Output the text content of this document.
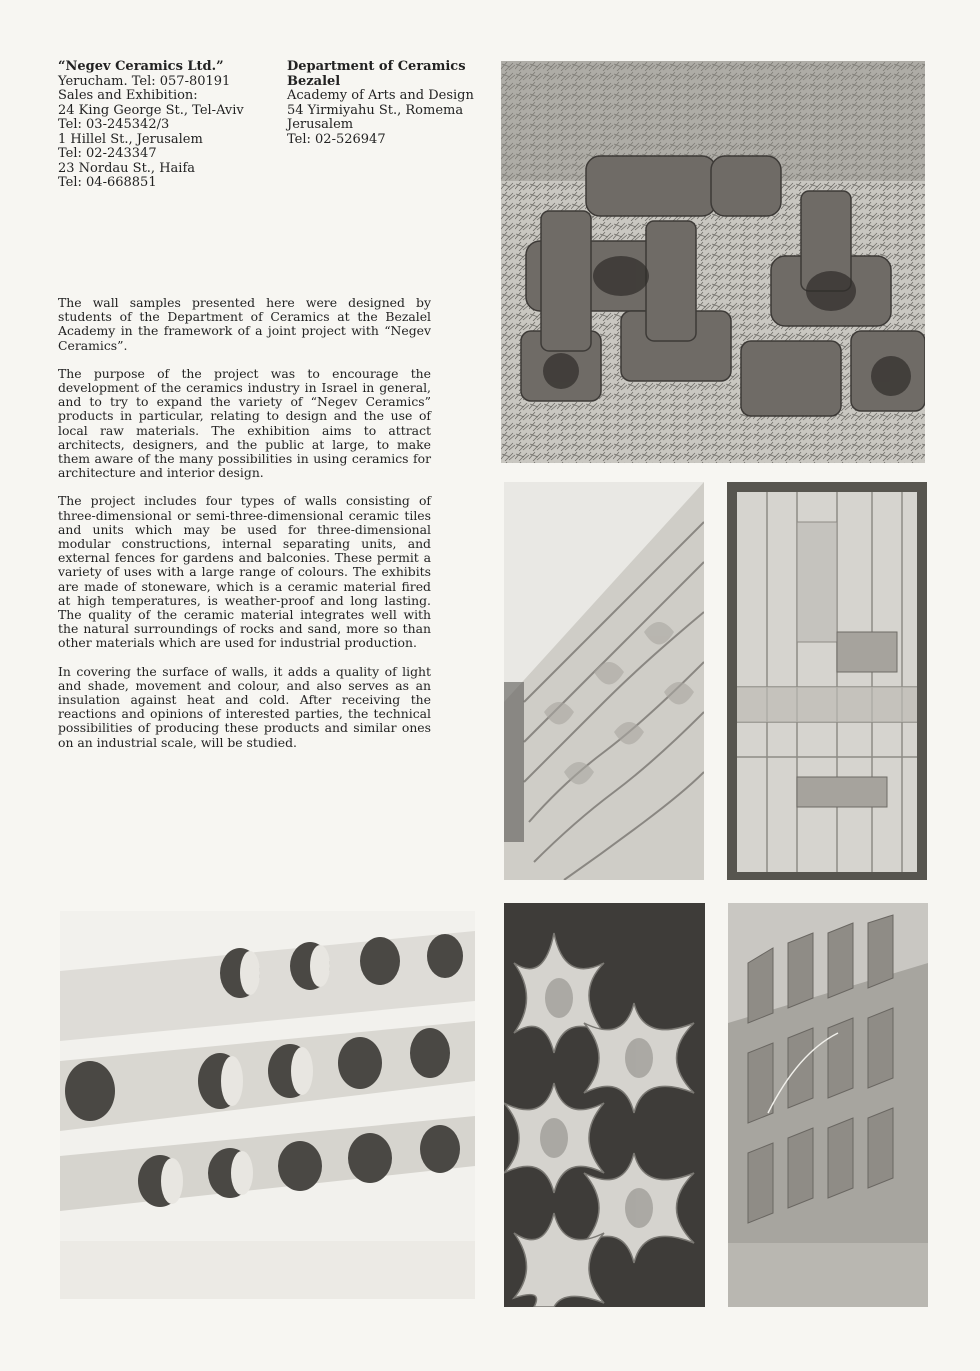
“Negev Ceramics Ltd.”
Yerucham. Tel: 057-80191
Sales and Exhibition:
24 King George St., Tel-Aviv
Tel: 03-245342/3
1 Hillel St., Jerusalem
Tel: 02-243347
23 Nordau St., Haifa
Tel: 04-668851
Department of Ceramics
Bezalel
Academy of Arts and Design
54 Yirmiyahu St., Romema
Jerusalem
Tel: 02-526947

The wall samples presented here were designed by students of the Department of Ceramics at the Bezalel Academy in the framework of a joint project with “Negev Ceramics”.

The purpose of the project was to encourage the development of the ceramics industry in Israel in general, and to try to expand the variety of “Negev Ceramics” products in particular, relating to design and the use of local raw materials. The exhibition aims to attract architects, designers, and the public at large, to make them aware of the many possibilities in using ceramics for architecture and interior design.

The project includes four types of walls consisting of three-dimensional or semi-three-dimensional ceramic tiles and units which may be used for three-dimensional modular constructions, internal separating units, and external fences for gardens and balconies. These permit a variety of uses with a large range of colours. The exhibits are made of stoneware, which is a ceramic material fired at high temperatures, is weather-proof and long lasting. The quality of the ceramic material integrates well with the natural surroundings of rocks and sand, more so than other materials which are used for industrial production.

In covering the surface of walls, it adds a quality of light and shade, movement and colour, and also serves as an insulation against heat and cold. After receiving the reactions and opinions of interested parties, the technical possibilities of producing these products and similar ones on an industrial scale, will be studied.
